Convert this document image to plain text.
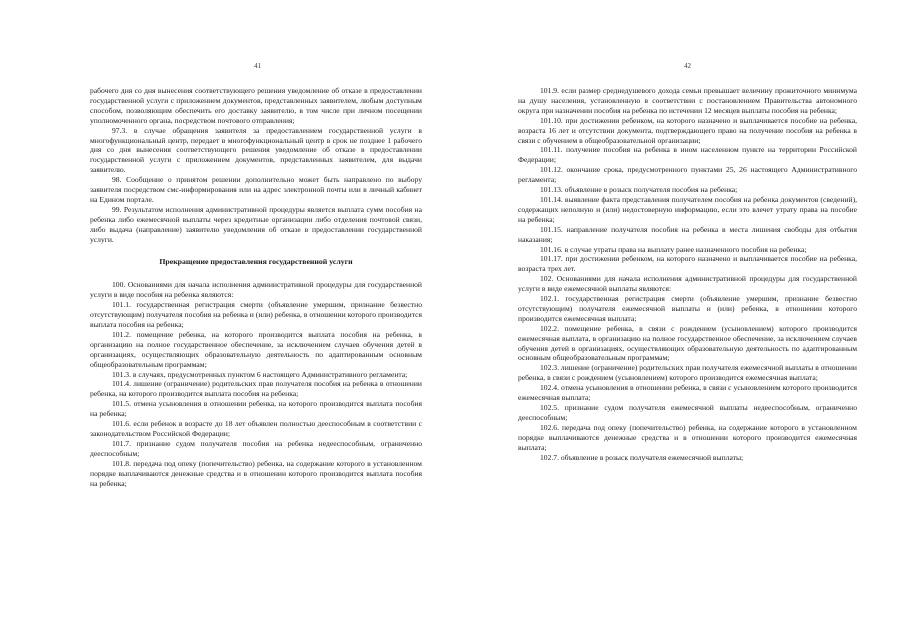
41

рабочего дня со дня вынесения соответствующего решения уведомление об отказе в предоставлении государственной услуги с приложением документов, представленных заявителем, любым доступным способом, позволяющим обеспечить его доставку заявителю, в том числе при личном посещении уполномоченного органа, посредством почтового отправления;

97.3. в случае обращения заявителя за предоставлением государственной услуги в многофункциональный центр, передает в многофункциональный центр в срок не позднее 1 рабочего дня со дня вынесения соответствующего решения уведомление об отказе в предоставлении государственной услуги с приложением документов, представленных заявителем, для выдачи заявителю.

98. Сообщение о принятом решении дополнительно может быть направлено по выбору заявителя посредством смс-информирования или на адрес электронной почты или в личный кабинет на Едином портале.

99. Результатом исполнения административной процедуры является выплата сумм пособия на ребенка либо ежемесячной выплаты через кредитные организации либо отделения почтовой связи, либо выдача (направление) заявителю уведомления об отказе в предоставлении государственной услуги.

Прекращение предоставления государственной услуги

100. Основаниями для начала исполнения административной процедуры для государственной услуги в виде пособия на ребенка являются:

101.1. государственная регистрация смерти (объявление умершим, признание безвестно отсутствующим) получателя пособия на ребенка и (или) ребенка, в отношении которого производится выплата пособия на ребенка;

101.2. помещение ребенка, на которого производится выплата пособия на ребенка, в организацию на полное государственное обеспечение, за исключением случаев обучения детей в организациях, осуществляющих образовательную деятельность по адаптированным основным общеобразовательным программам;

101.3. в случаях, предусмотренных пунктом 6 настоящего Административного регламента;

101.4. лишение (ограничение) родительских прав получателя пособия на ребенка в отношении ребенка, на которого производится выплата пособия на ребенка;

101.5. отмена усыновления в отношении ребенка, на которого производится выплата пособия на ребенка;

101.6. если ребенок в возрасте до 18 лет объявлен полностью дееспособным в соответствии с законодательством Российской Федерации;

101.7. признание судом получателя пособия на ребенка недееспособным, ограниченно дееспособным;

101.8. передача под опеку (попечительство) ребенка, на содержание которого в установленном порядке выплачиваются денежные средства и в отношении которого производится выплата пособия на ребенка;

42

101.9. если размер среднедушевого дохода семьи превышает величину прожиточного минимума на душу населения, установленную в соответствии с постановлением Правительства автономного округа при назначении пособия на ребенка по истечении 12 месяцев выплаты пособия на ребенка;

101.10. при достижении ребенком, на которого назначено и выплачивается пособие на ребенка, возраста 16 лет и отсутствии документа, подтверждающего право на получение пособия на ребенка в связи с обучением в общеобразовательной организации;

101.11. получение пособия на ребенка в ином населенном пункте на территории Российской Федерации;

101.12. окончание срока, предусмотренного пунктами 25, 26 настоящего Административного регламента;

101.13. объявление в розыск получателя пособия на ребенка;

101.14. выявление факта представления получателем пособия на ребенка документов (сведений), содержащих неполную и (или) недостоверную информацию, если это влечет утрату права на пособие на ребенка;

101.15. направление получателя пособия на ребенка в места лишения свободы для отбытия наказания;

101.16. в случае утраты права на выплату ранее назначенного пособия на ребенка;

101.17. при достижении ребенком, на которого назначено и выплачивается пособие на ребенка, возраста трех лет.

102. Основаниями для начала исполнения административной процедуры для государственной услуги в виде ежемесячной выплаты являются:

102.1. государственная регистрация смерти (объявление умершим, признание безвестно отсутствующим) получателя ежемесячной выплаты и (или) ребенка, в отношении которого производится ежемесячная выплата;

102.2. помещение ребенка, в связи с рождением (усыновлением) которого производится ежемесячная выплата, в организацию на полное государственное обеспечение, за исключением случаев обучения детей в организациях, осуществляющих образовательную деятельность по адаптированным основным общеобразовательным программам;

102.3. лишение (ограничение) родительских прав получателя ежемесячной выплаты в отношении ребенка, в связи с рождением (усыновлением) которого производится ежемесячная выплата;

102.4. отмена усыновления в отношении ребенка, в связи с усыновлением которого производится ежемесячная выплата;

102.5. признание судом получателя ежемесячной выплаты недееспособным, ограниченно дееспособным;

102.6. передача под опеку (попечительство) ребенка, на содержание которого в установленном порядке выплачиваются денежные средства и в отношении которого производится ежемесячная выплата;

102.7. объявление в розыск получателя ежемесячной выплаты;
